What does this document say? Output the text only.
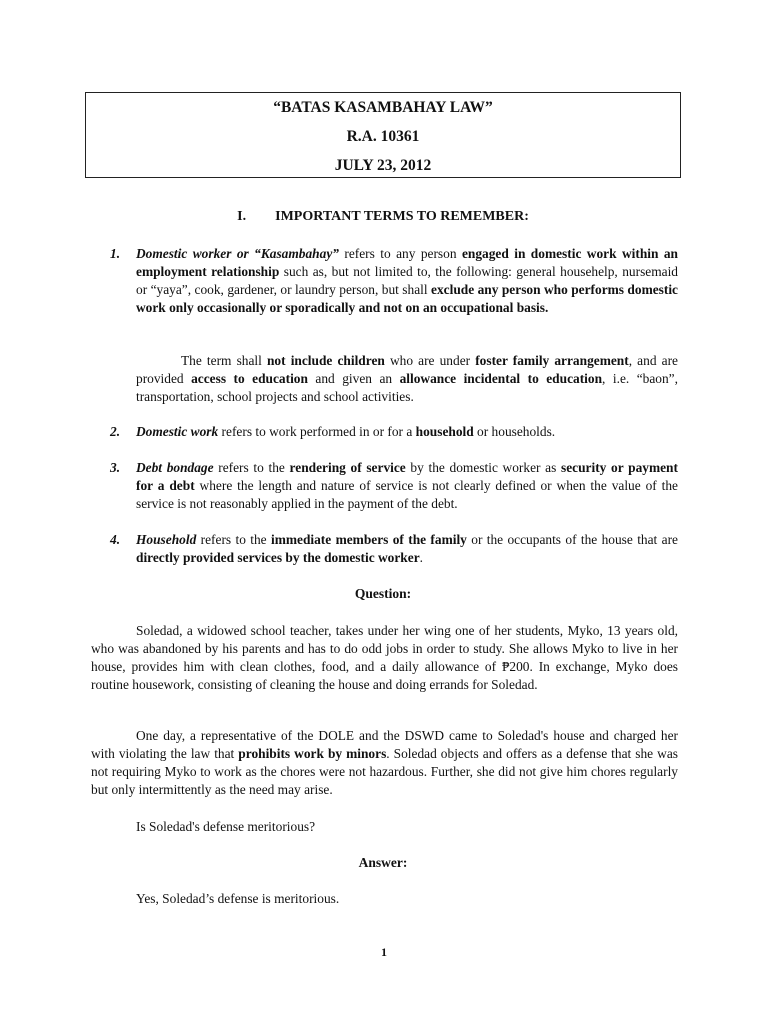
“BATAS KASAMBAHAY LAW”
R.A. 10361
JULY 23, 2012
I. IMPORTANT TERMS TO REMEMBER:
1. Domestic worker or “Kasambahay” refers to any person engaged in domestic work within an employment relationship such as, but not limited to, the following: general househelp, nursemaid or “yaya”, cook, gardener, or laundry person, but shall exclude any person who performs domestic work only occasionally or sporadically and not on an occupational basis.
The term shall not include children who are under foster family arrangement, and are provided access to education and given an allowance incidental to education, i.e. “baon”, transportation, school projects and school activities.
2. Domestic work refers to work performed in or for a household or households.
3. Debt bondage refers to the rendering of service by the domestic worker as security or payment for a debt where the length and nature of service is not clearly defined or when the value of the service is not reasonably applied in the payment of the debt.
4. Household refers to the immediate members of the family or the occupants of the house that are directly provided services by the domestic worker.
Question:
Soledad, a widowed school teacher, takes under her wing one of her students, Myko, 13 years old, who was abandoned by his parents and has to do odd jobs in order to study. She allows Myko to live in her house, provides him with clean clothes, food, and a daily allowance of ₱200. In exchange, Myko does routine housework, consisting of cleaning the house and doing errands for Soledad.
One day, a representative of the DOLE and the DSWD came to Soledad's house and charged her with violating the law that prohibits work by minors. Soledad objects and offers as a defense that she was not requiring Myko to work as the chores were not hazardous. Further, she did not give him chores regularly but only intermittently as the need may arise.
Is Soledad's defense meritorious?
Answer:
Yes, Soledad’s defense is meritorious.
1
